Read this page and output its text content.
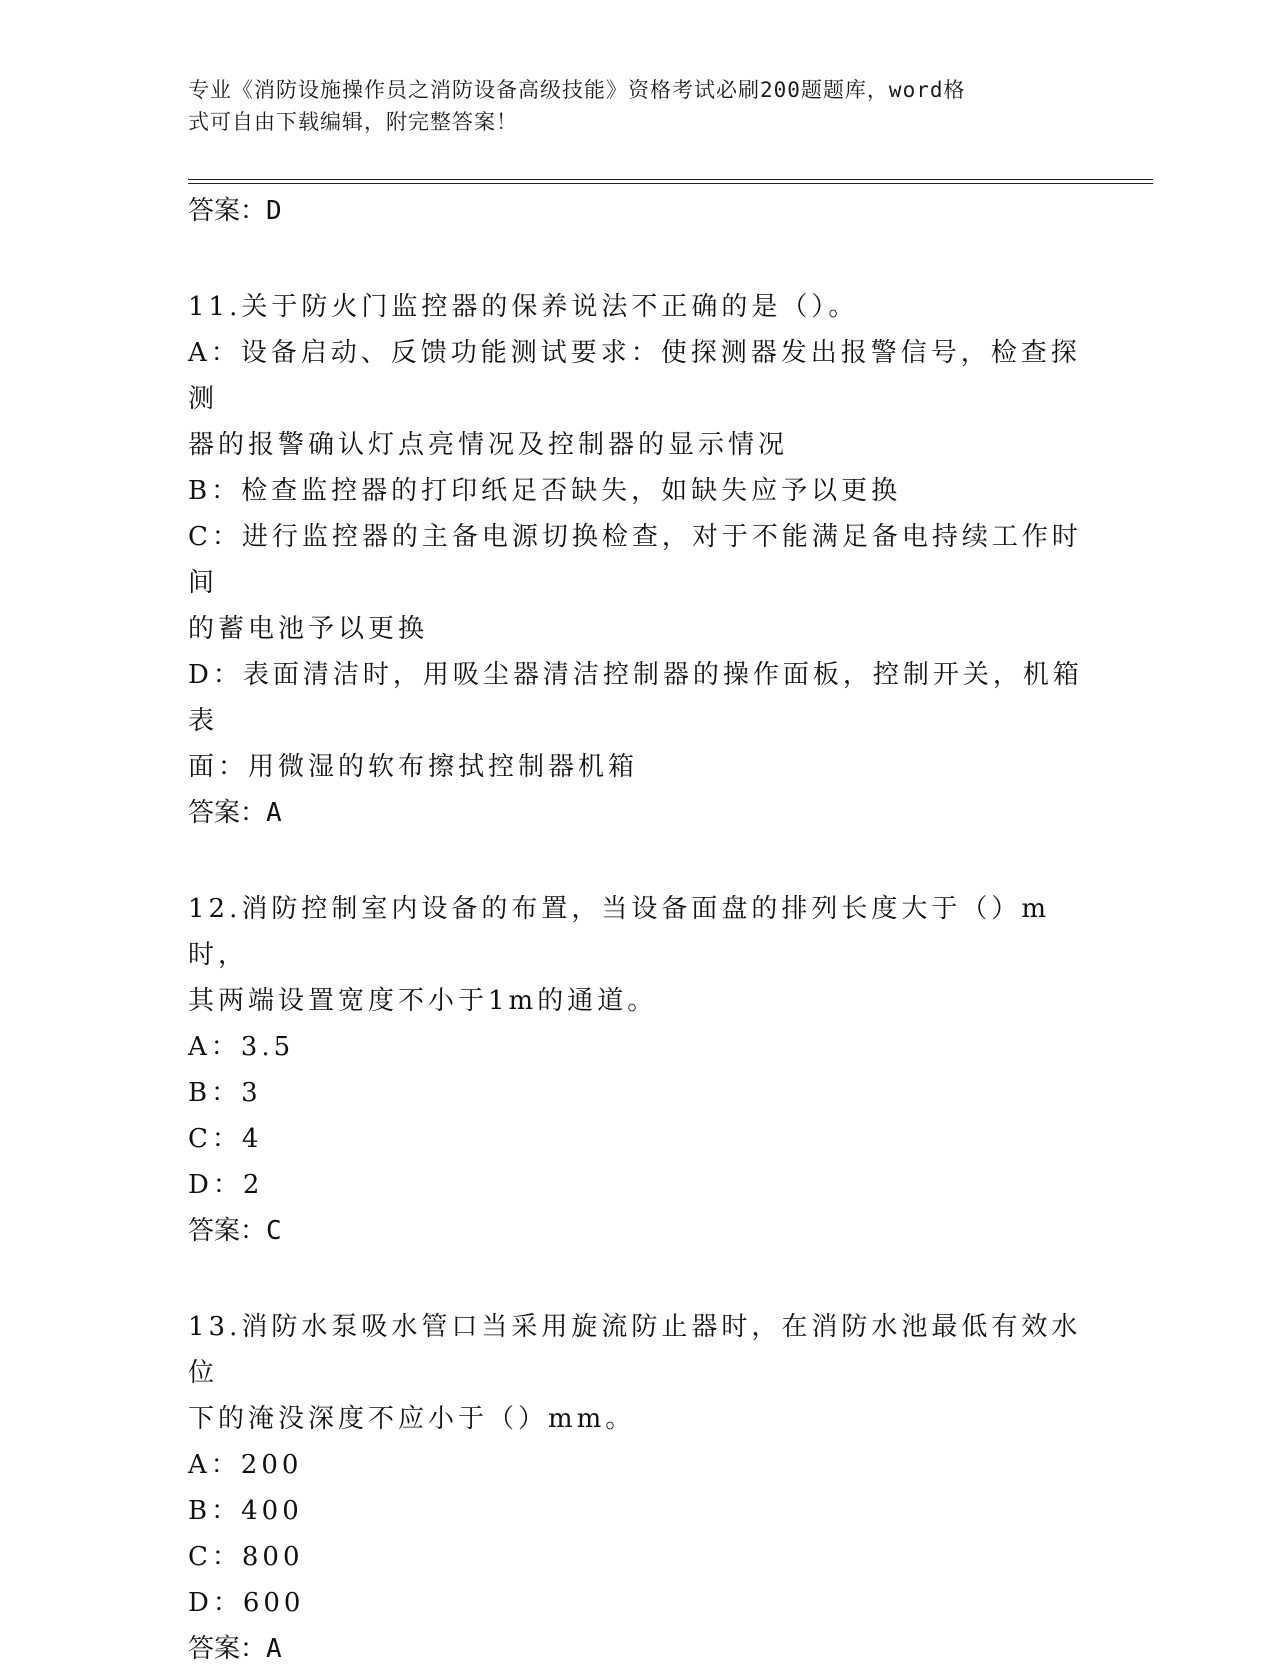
专业《消防设施操作员之消防设备高级技能》资格考试必刷200题题库，word格
式可自由下载编辑，附完整答案！

答案：D

11.关于防火门监控器的保养说法不正确的是（）。

A：设备启动、反馈功能测试要求：使探测器发出报警信号，检查探测

器的报警确认灯点亮情况及控制器的显示情况

B：检查监控器的打印纸足否缺失，如缺失应予以更换

C：进行监控器的主备电源切换检查，对于不能满足备电持续工作时间

的蓄电池予以更换

D：表面清洁时，用吸尘器清洁控制器的操作面板，控制开关，机箱表

面：用微湿的软布擦拭控制器机箱

答案：A

12.消防控制室内设备的布置，当设备面盘的排列长度大于（）m时，

其两端设置宽度不小于1m的通道。

A：3.5

B：3

C：4

D：2

答案：C

13.消防水泵吸水管口当采用旋流防止器时，在消防水池最低有效水位

下的淹没深度不应小于（）mm。

A：200

B：400

C：800

D：600

答案：A
